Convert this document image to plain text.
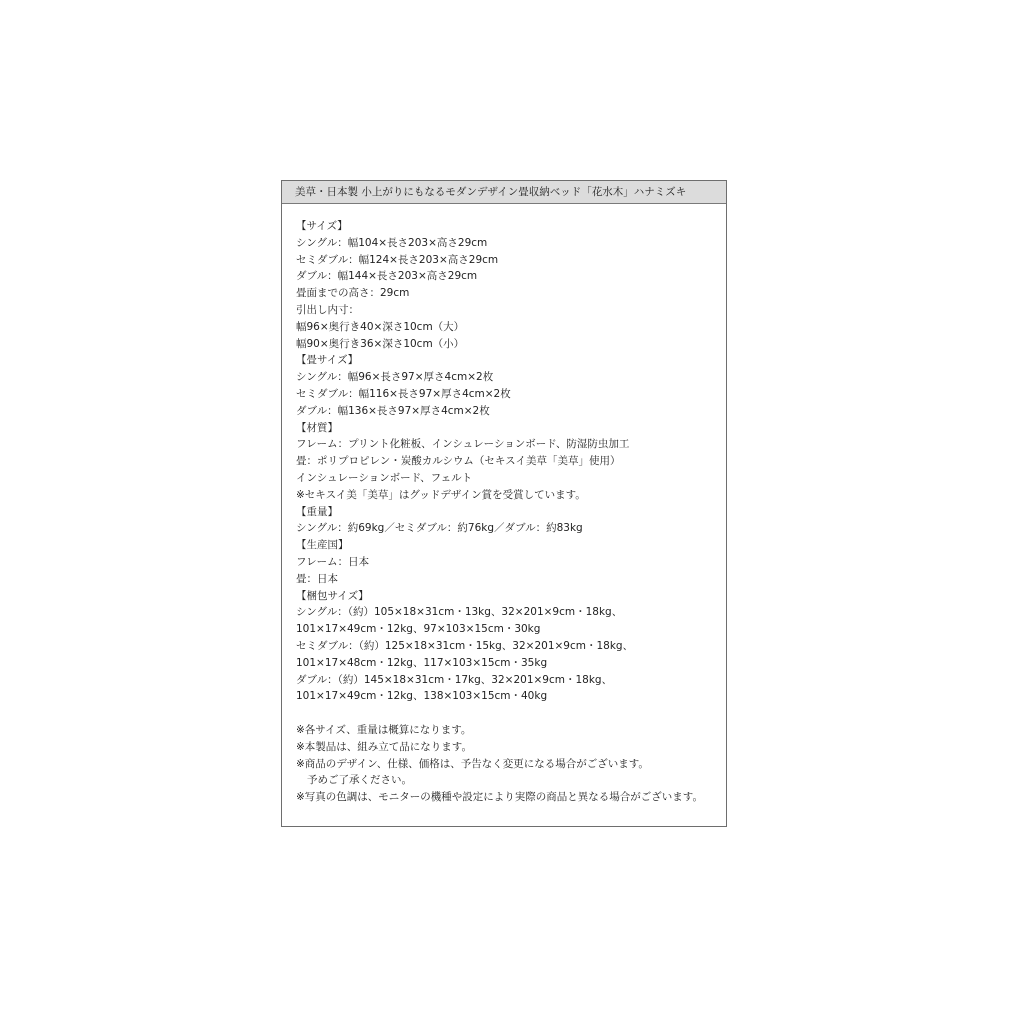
美草・日本製 小上がりにもなるモダンデザイン畳収納ベッド「花水木」ハナミズキ
【サイズ】
シングル：幅104×長さ203×高さ29cm
セミダブル：幅124×長さ203×高さ29cm
ダブル：幅144×長さ203×高さ29cm
畳面までの高さ：29cm
引出し内寸：
幅96×奥行き40×深さ10cm（大）
幅90×奥行き36×深さ10cm（小）
【畳サイズ】
シングル：幅96×長さ97×厚さ4cm×2枚
セミダブル：幅116×長さ97×厚さ4cm×2枚
ダブル：幅136×長さ97×厚さ4cm×2枚
【材質】
フレーム：プリント化粧板、インシュレーションボード、防湿防虫加工
畳：ポリプロピレン・炭酸カルシウム（セキスイ美草「美草」使用）
インシュレーションボード、フェルト
※セキスイ美「美草」はグッドデザイン賞を受賞しています。
【重量】
シングル：約69kg／セミダブル：約76kg／ダブル：約83kg
【生産国】
フレーム：日本
畳：日本
【梱包サイズ】
シングル：（約）105×18×31cm・13kg、32×201×9cm・18kg、
101×17×49cm・12kg、97×103×15cm・30kg
セミダブル：（約）125×18×31cm・15kg、32×201×9cm・18kg、
101×17×48cm・12kg、117×103×15cm・35kg
ダブル：（約）145×18×31cm・17kg、32×201×9cm・18kg、
101×17×49cm・12kg、138×103×15cm・40kg
※各サイズ、重量は概算になります。
※本製品は、組み立て品になります。
※商品のデザイン、仕様、価格は、予告なく変更になる場合がございます。
予めご了承ください。
※写真の色調は、モニターの機種や設定により実際の商品と異なる場合がございます。
